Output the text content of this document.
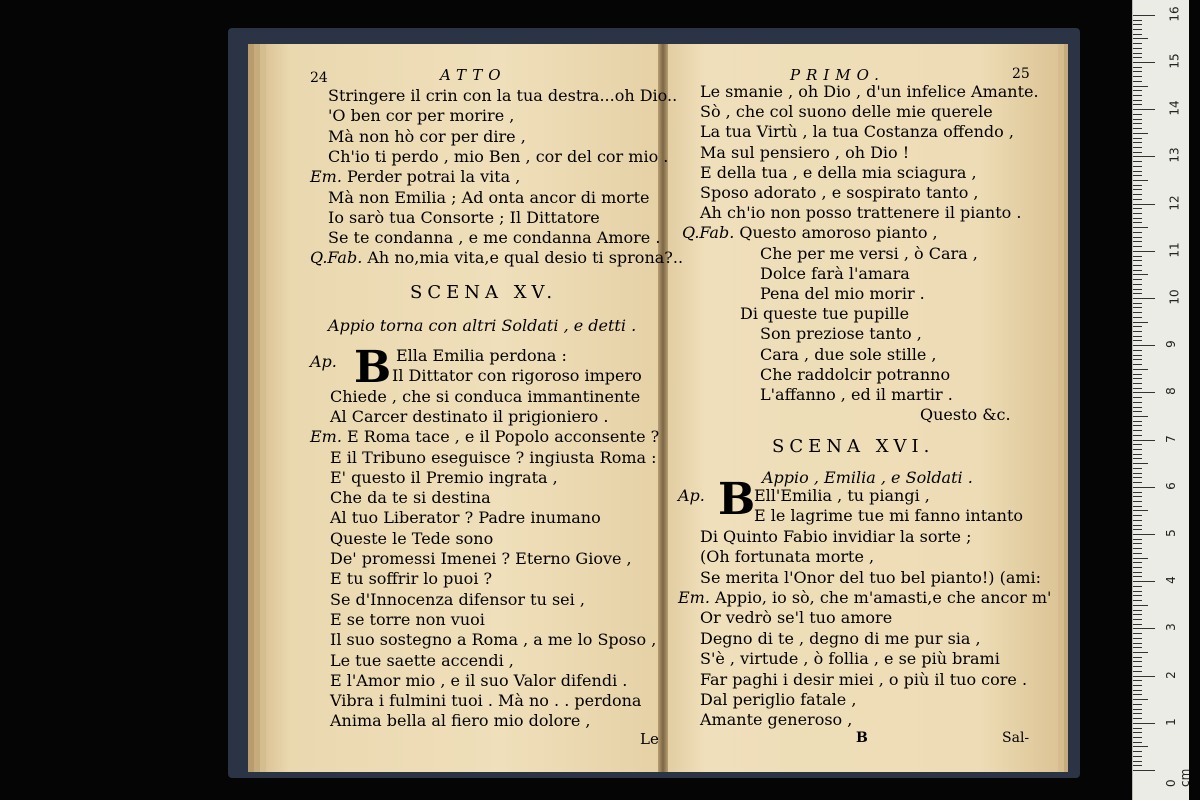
24	ATTO
Stringere il crin con la tua destra...oh Dio..
'O ben cor per morire ,
Mà non hò cor per dire ,
Ch'io ti perdo , mio Ben , cor del cor mio .
Em. Perder potrai la vita ,
Mà non Emilia ; Ad onta ancor di morte
Io sarò tua Consorte ; Il Dittatore
Se te condanna , e me condanna Amore .
Q.Fab. Ah no,mia vita,e qual desio ti sprona?..
SCENA XV.
Appio torna con altri Soldati , e detti .
Ap. B Ella Emilia perdona :
Il Dittator con rigoroso impero
Chiede , che si conduca immantinente
Al Carcer destinato il prigioniero .
Em. E Roma tace , e il Popolo acconsente ?
E il Tribuno eseguisce ? ingiusta Roma :
E' questo il Premio ingrata ,
Che da te si destina
Al tuo Liberator ? Padre inumano
Queste le Tede sono
De' promessi Imenei ? Eterno Giove ,
E tu soffrir lo puoi ?
Se d'Innocenza difensor tu sei ,
E se torre non vuoi
Il suo sostegno a Roma , a me lo Sposo ,
Le tue saette accendi ,
E l'Amor mio , e il suo Valor difendi .
Vibra i fulmini tuoi . Mà no . . perdona
Anima bella al fiero mio dolore ,
Le
PRIMO.	25
Le smanie , oh Dio , d'un infelice Amante.
Sò , che col suono delle mie querele
La tua Virtù , la tua Costanza offendo ,
Ma sul pensiero , oh Dio !
E della tua , e della mia sciagura ,
Sposo adorato , e sospirato tanto ,
Ah ch'io non posso trattenere il pianto .
Q.Fab. Questo amoroso pianto ,
Che per me versi , ò Cara ,
Dolce farà l'amara
Pena del mio morir .
Di queste tue pupille
Son preziose tanto ,
Cara , due sole stille ,
Che raddolcir potranno
L'affanno , ed il martir .
Questo &c.
SCENA XVI.
Appio , Emilia , e Soldati .
Ap. B
Ell'Emilia , tu piangi ,
E le lagrime tue mi fanno intanto
Di Quinto Fabio invidiar la sorte ;
(Oh fortunata morte ,
Se merita l'Onor del tuo bel pianto!) (ami:
Em. Appio, io sò, che m'amasti,e che ancor m'
Or vedrò se'l tuo amore
Degno di te , degno di me pur sia ,
S'è , virtude , ò follia , e se più brami
Far paghi i desir miei , o più il tuo core .
Dal periglio fatale ,
Amante generoso ,
B	Sal-
0 cm
1
2
3
4
5
6
7
8
9
10
11
12
13
14
15
16
